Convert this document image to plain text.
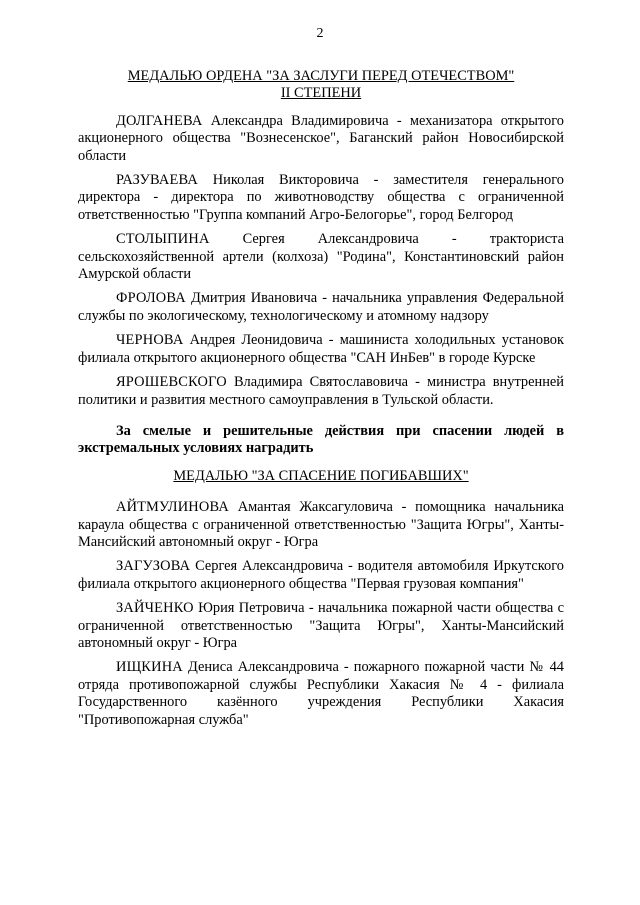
2

МЕДАЛЬЮ ОРДЕНА "ЗА ЗАСЛУГИ ПЕРЕД ОТЕЧЕСТВОМ"

II СТЕПЕНИ

ДОЛГАНЕВА Александра Владимировича - механизатора открытого акционерного общества "Вознесенское", Баганский район Новосибирской области

РАЗУВАЕВА Николая Викторовича - заместителя генерального директора - директора по животноводству общества с ограниченной ответственностью "Группа компаний Агро-Белогорье", город Белгород

СТОЛЫПИНА Сергея Александровича - тракториста сельскохозяйственной артели (колхоза) "Родина", Константиновский район Амурской области

ФРОЛОВА Дмитрия Ивановича - начальника управления Федеральной службы по экологическому, технологическому и атомному надзору

ЧЕРНОВА Андрея Леонидовича - машиниста холодильных установок филиала открытого акционерного общества "САН ИнБев" в городе Курске

ЯРОШЕВСКОГО Владимира Святославовича - министра внутренней политики и развития местного самоуправления в Тульской области.

За смелые и решительные действия при спасении людей в экстремальных условиях наградить

МЕДАЛЬЮ "ЗА СПАСЕНИЕ ПОГИБАВШИХ"

АЙТМУЛИНОВА Амантая Жаксагуловича - помощника начальника караула общества с ограниченной ответственностью "Защита Югры", Ханты-Мансийский автономный округ - Югра

ЗАГУЗОВА Сергея Александровича - водителя автомобиля Иркутского филиала открытого акционерного общества "Первая грузовая компания"

ЗАЙЧЕНКО Юрия Петровича - начальника пожарной части общества с ограниченной ответственностью "Защита Югры", Ханты-Мансийский автономный округ - Югра

ИЩКИНА Дениса Александровича - пожарного пожарной части № 44 отряда противопожарной службы Республики Хакасия № 4 - филиала Государственного казённого учреждения Республики Хакасия "Противопожарная служба"
